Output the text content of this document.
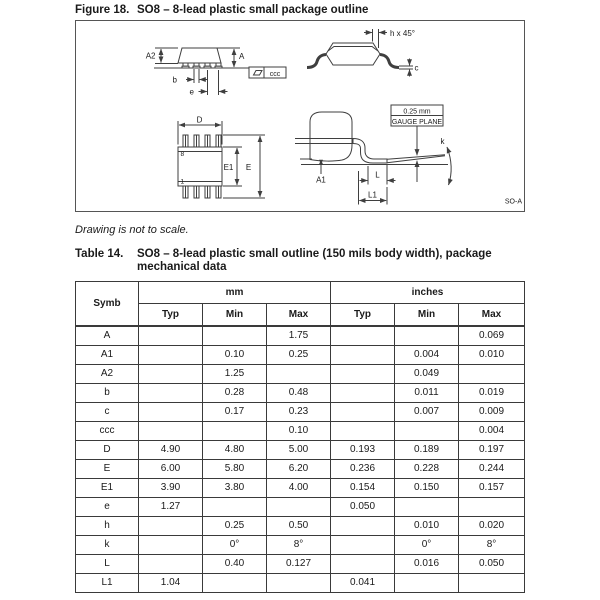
Figure 18. SO8 – 8-lead plastic small package outline
A2	A
b
e
ccc
h x 45°
c
D
E1 E
8
1
0.25 mm
GAUGE PLANE
A1
L
L1
k
SO-A
Drawing is not to scale.
Table 14.	SO8 – 8-lead plastic small outline (150 mils body width), package
mechanical data
Symb	mm			inches		
	Typ	Min	Max	Typ	Min	Max
A			1.75			0.069
A1		0.10	0.25		0.004	0.010
A2		1.25			0.049	
b		0.28	0.48		0.011	0.019
c		0.17	0.23		0.007	0.009
ccc			0.10			0.004
D	4.90	4.80	5.00	0.193	0.189	0.197
E	6.00	5.80	6.20	0.236	0.228	0.244
E1	3.90	3.80	4.00	0.154	0.150	0.157
e	1.27			0.050		
h		0.25	0.50		0.010	0.020
k		0°	8°		0°	8°
L		0.40	0.127		0.016	0.050
L1	1.04			0.041		
